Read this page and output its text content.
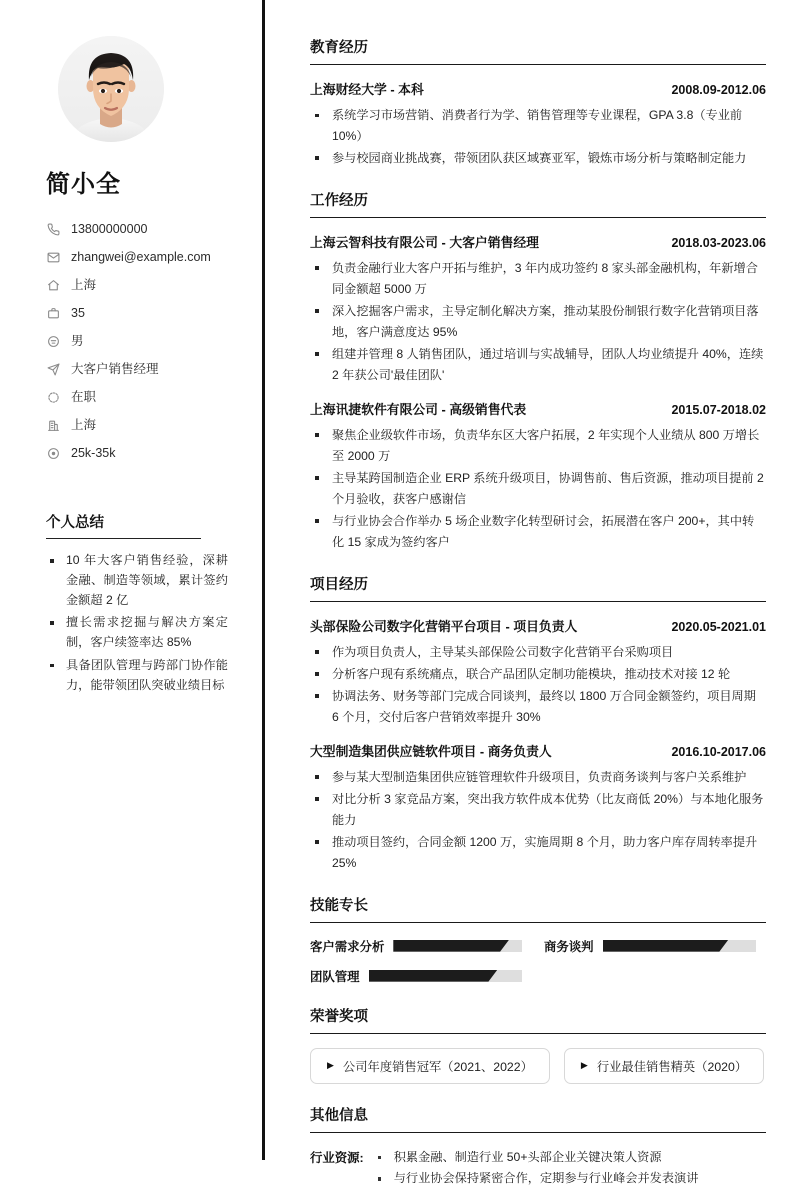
简小全
13800000000
zhangwei@example.com
上海
35
男
大客户销售经理
在职
上海
25k-35k
个人总结
10 年大客户销售经验，深耕金融、制造等领域，累计签约金额超 2 亿
擅长需求挖掘与解决方案定制，客户续签率达 85%
具备团队管理与跨部门协作能力，能带领团队突破业绩目标
教育经历
上海财经大学 - 本科	2008.09-2012.06
系统学习市场营销、消费者行为学、销售管理等专业课程，GPA 3.8（专业前 10%）
参与校园商业挑战赛，带领团队获区域赛亚军，锻炼市场分析与策略制定能力
工作经历
上海云智科技有限公司 - 大客户销售经理	2018.03-2023.06
负责金融行业大客户开拓与维护，3 年内成功签约 8 家头部金融机构，年新增合同金额超 5000 万
深入挖掘客户需求，主导定制化解决方案，推动某股份制银行数字化营销项目落地，客户满意度达 95%
组建并管理 8 人销售团队，通过培训与实战辅导，团队人均业绩提升 40%，连续 2 年获公司'最佳团队'
上海讯捷软件有限公司 - 高级销售代表	2015.07-2018.02
聚焦企业级软件市场，负责华东区大客户拓展，2 年实现个人业绩从 800 万增长至 2000 万
主导某跨国制造企业 ERP 系统升级项目，协调售前、售后资源，推动项目提前 2 个月验收，获客户感谢信
与行业协会合作举办 5 场企业数字化转型研讨会，拓展潜在客户 200+，其中转化 15 家成为签约客户
项目经历
头部保险公司数字化营销平台项目 - 项目负责人	2020.05-2021.01
作为项目负责人，主导某头部保险公司数字化营销平台采购项目
分析客户现有系统痛点，联合产品团队定制功能模块，推动技术对接 12 轮
协调法务、财务等部门完成合同谈判，最终以 1800 万合同金额签约，项目周期 6 个月，交付后客户营销效率提升 30%
大型制造集团供应链软件项目 - 商务负责人	2016.10-2017.06
参与某大型制造集团供应链管理软件升级项目，负责商务谈判与客户关系维护
对比分析 3 家竞品方案，突出我方软件成本优势（比友商低 20%）与本地化服务能力
推动项目签约，合同金额 1200 万，实施周期 8 个月，助力客户库存周转率提升 25%
技能专长
客户需求分析	商务谈判
团队管理
荣誉奖项
▶ 公司年度销售冠军（2021、2022）	▶ 行业最佳销售精英（2020）
其他信息
行业资源:	积累金融、制造行业 50+头部企业关键决策人资源
与行业协会保持紧密合作，定期参与行业峰会并发表演讲
